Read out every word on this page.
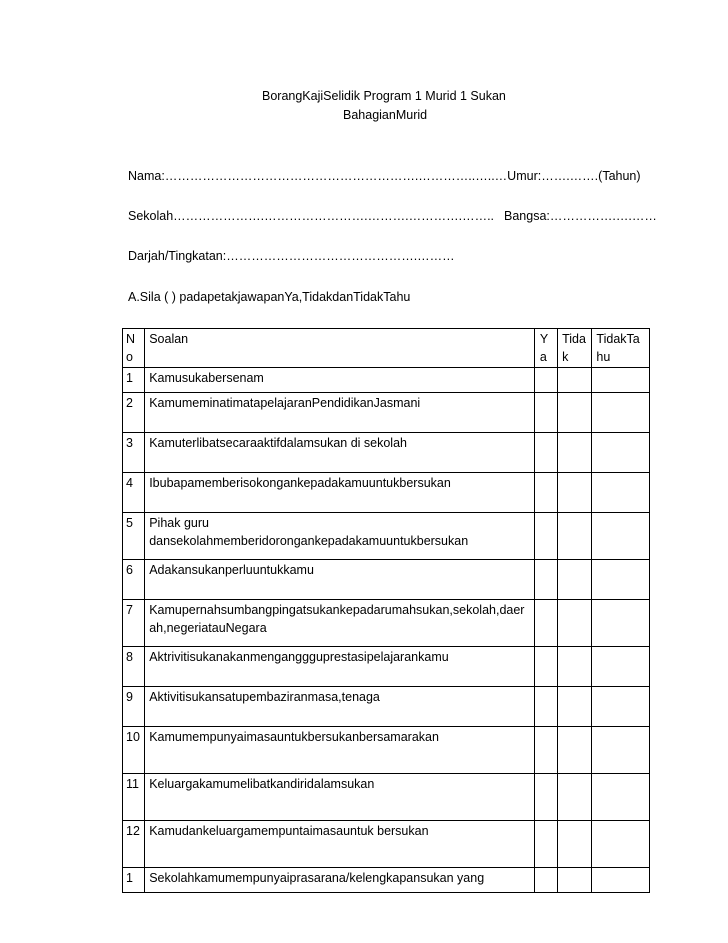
BorangKajiSelidik Program 1 Murid 1 Sukan
BahagianMurid
Nama:…………………………………………………….…………..…..…Umur:…….…….(Tahun)
Sekolah………………….…………………….……….………….…….. Bangsa:…………….….……
Darjah/Tingkatan:……………………………………….………
A.Sila ( ) padapetakjawapanYa,TidakdanTidakTahu
No	Soalan	Ya	Tidak	TidakTahu
1	Kamusukabersenam			
2	KamumeminatimatapelajaranPendidikanJasmani			
3	Kamuterlibatsecaraaktifdalamsukan di sekolah			
4	Ibubapamemberisokongankepadakamuuntukbersukan			
5	Pihak guru dansekolahmemberidorongankepadakamuuntukbersukan			
6	Adakansukanperluuntukkamu			
7	Kamupernahsumbangpingatsukankepadarumahsukan,sekolah,daerah,negeriatauNegara			
8	Aktrivitisukanakanmenganggguprestasipelajarankamu			
9	Aktivitisukansatupembaziranmasa,tenaga			
10	Kamumempunyaimasauntukbersukanbersamarakan			
11	Keluargakamumelibatkandiridalamsukan			
12	Kamudankeluargamempuntaimasauntuk bersukan			
1	Sekolahkamumempunyaiprasarana/kelengkapansukan yang			
